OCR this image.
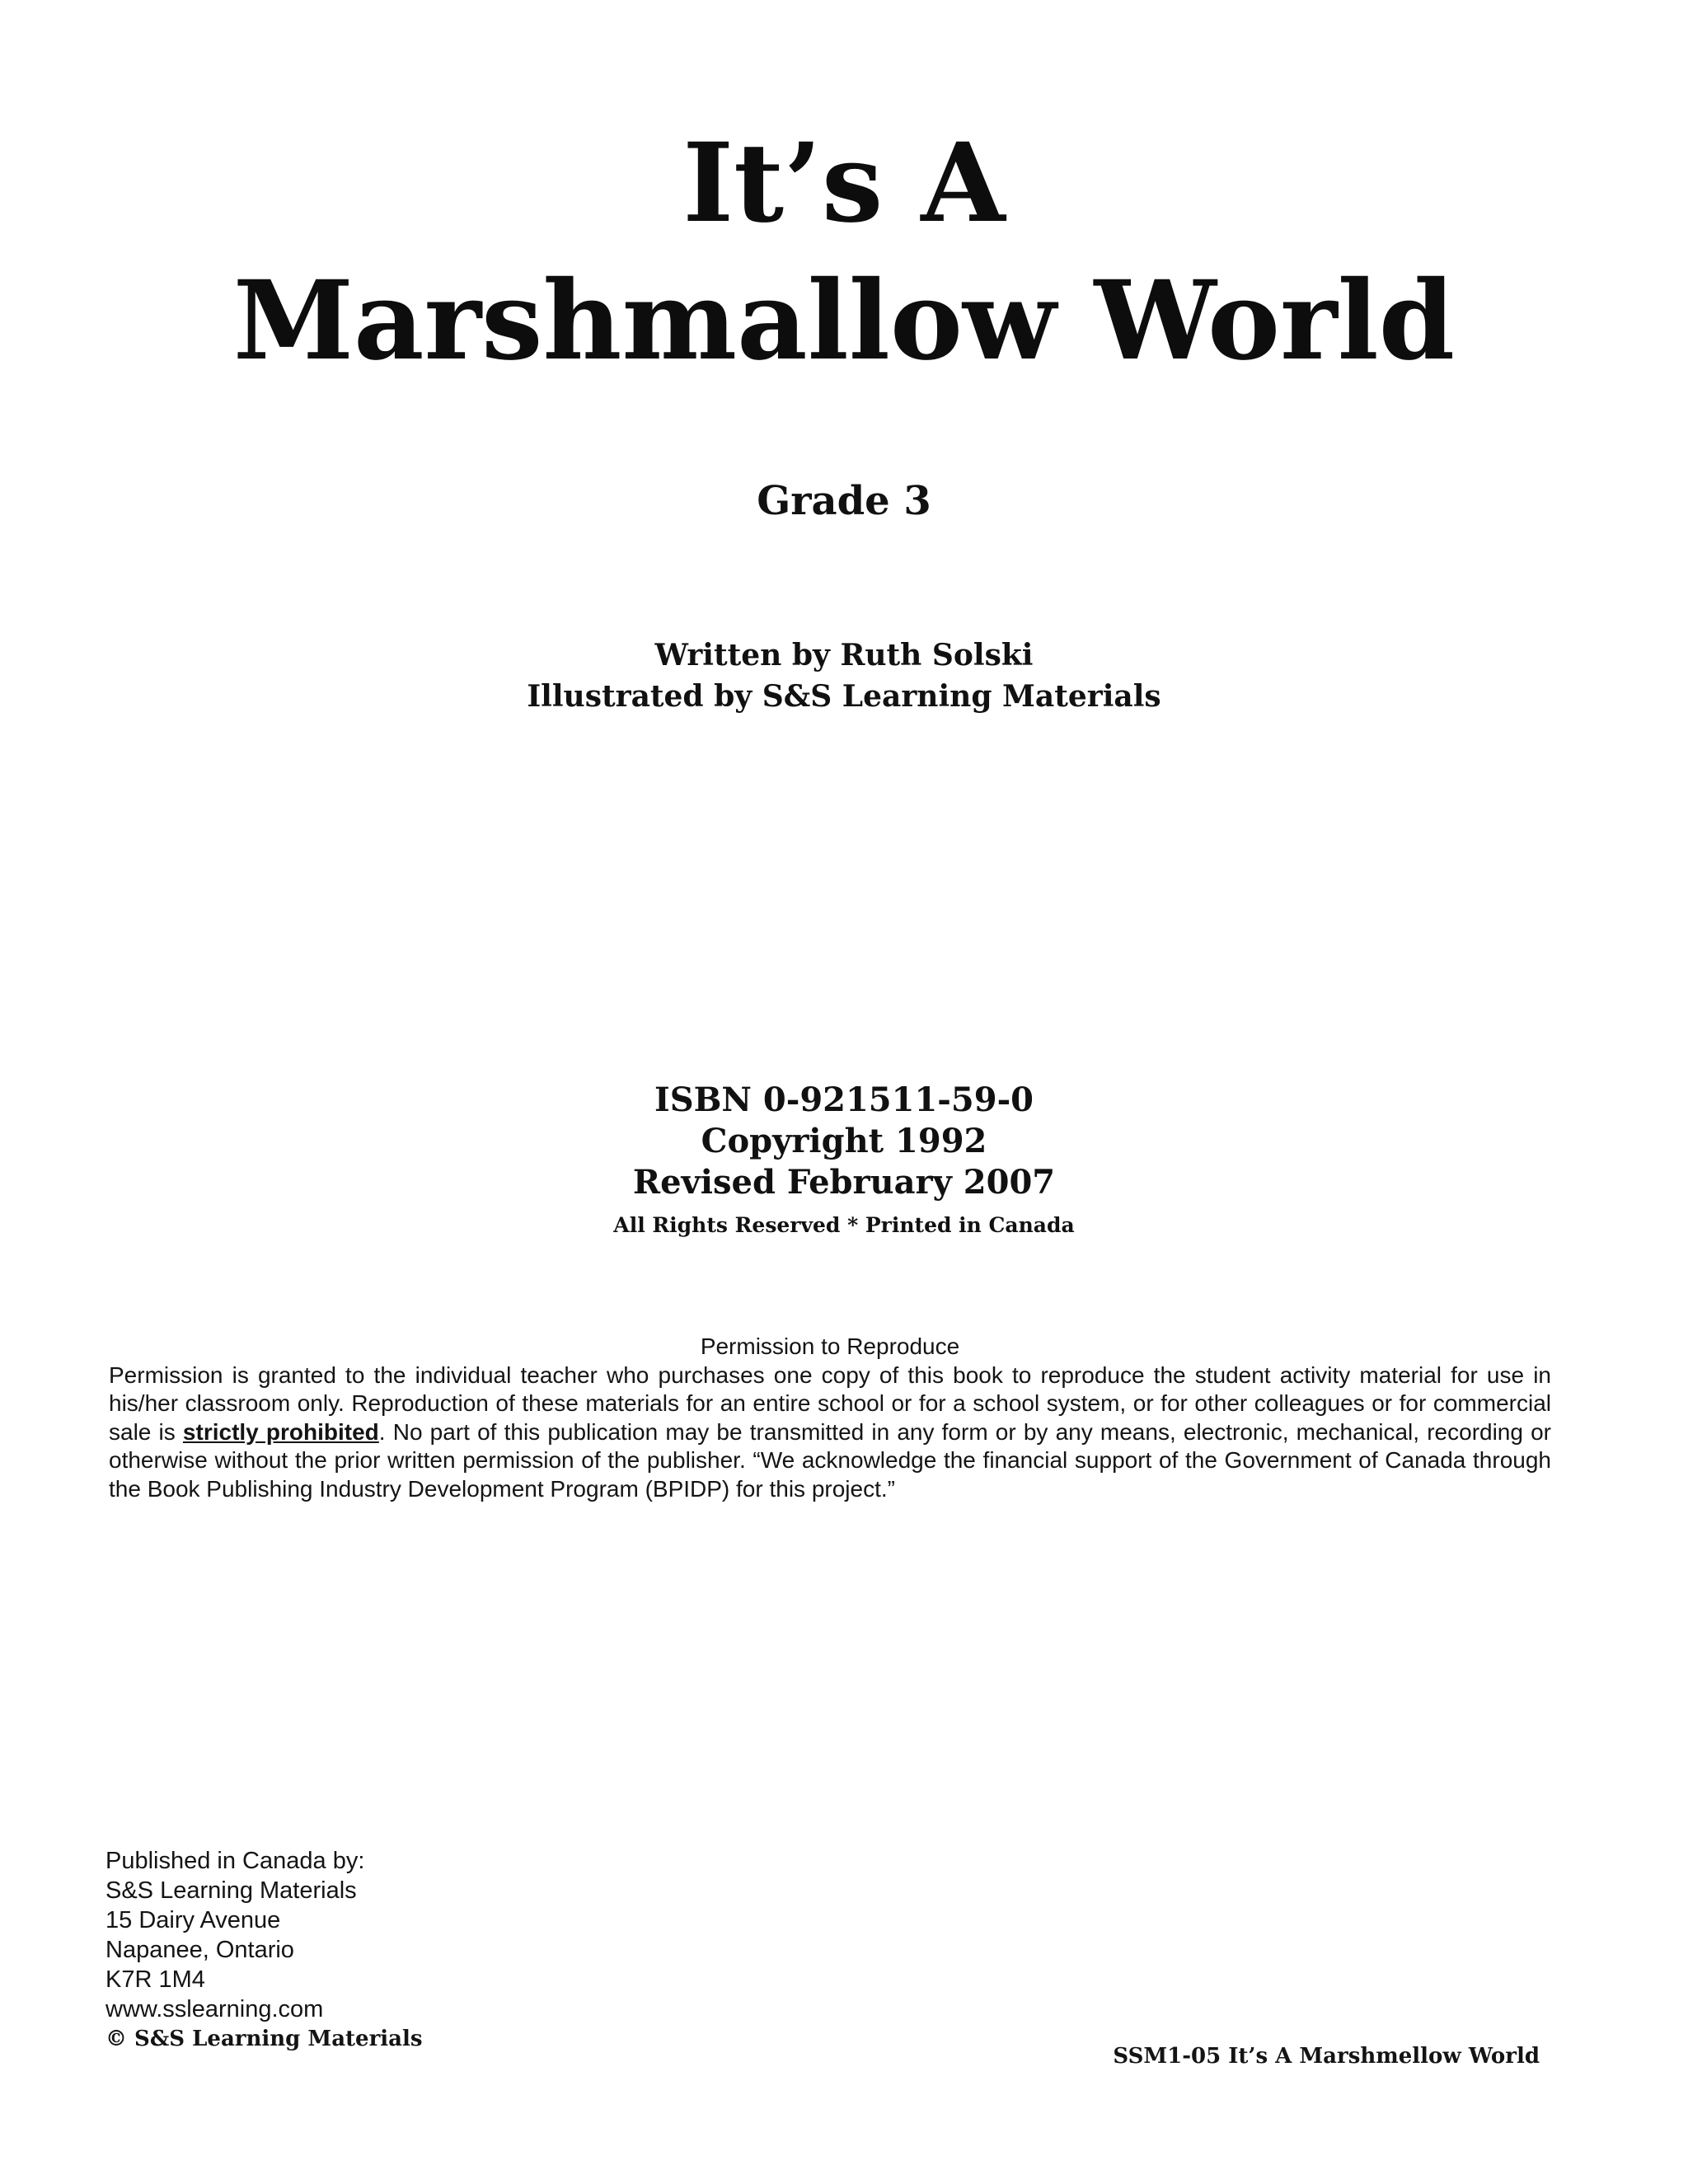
It’s A
Marshmallow World
Grade 3
Written by Ruth Solski
Illustrated by S&S Learning Materials
ISBN 0-921511-59-0
Copyright 1992
Revised February 2007
All Rights Reserved * Printed in Canada
Permission to Reproduce
Permission is granted to the individual teacher who purchases one copy of this book to reproduce the student activity material for use in his/her classroom only. Reproduction of these materials for an entire school or for a school system, or for other colleagues or for commercial sale is strictly prohibited. No part of this publication may be transmitted in any form or by any means, electronic, mechanical, recording or otherwise without the prior written permission of the publisher. “We acknowledge the financial support of the Government of Canada through the Book Publishing Industry Development Program (BPIDP) for this project.”
Published in Canada by:
S&S Learning Materials
15 Dairy Avenue
Napanee, Ontario
K7R 1M4
www.sslearning.com
© S&S Learning Materials
SSM1-05 It’s A Marshmellow World
